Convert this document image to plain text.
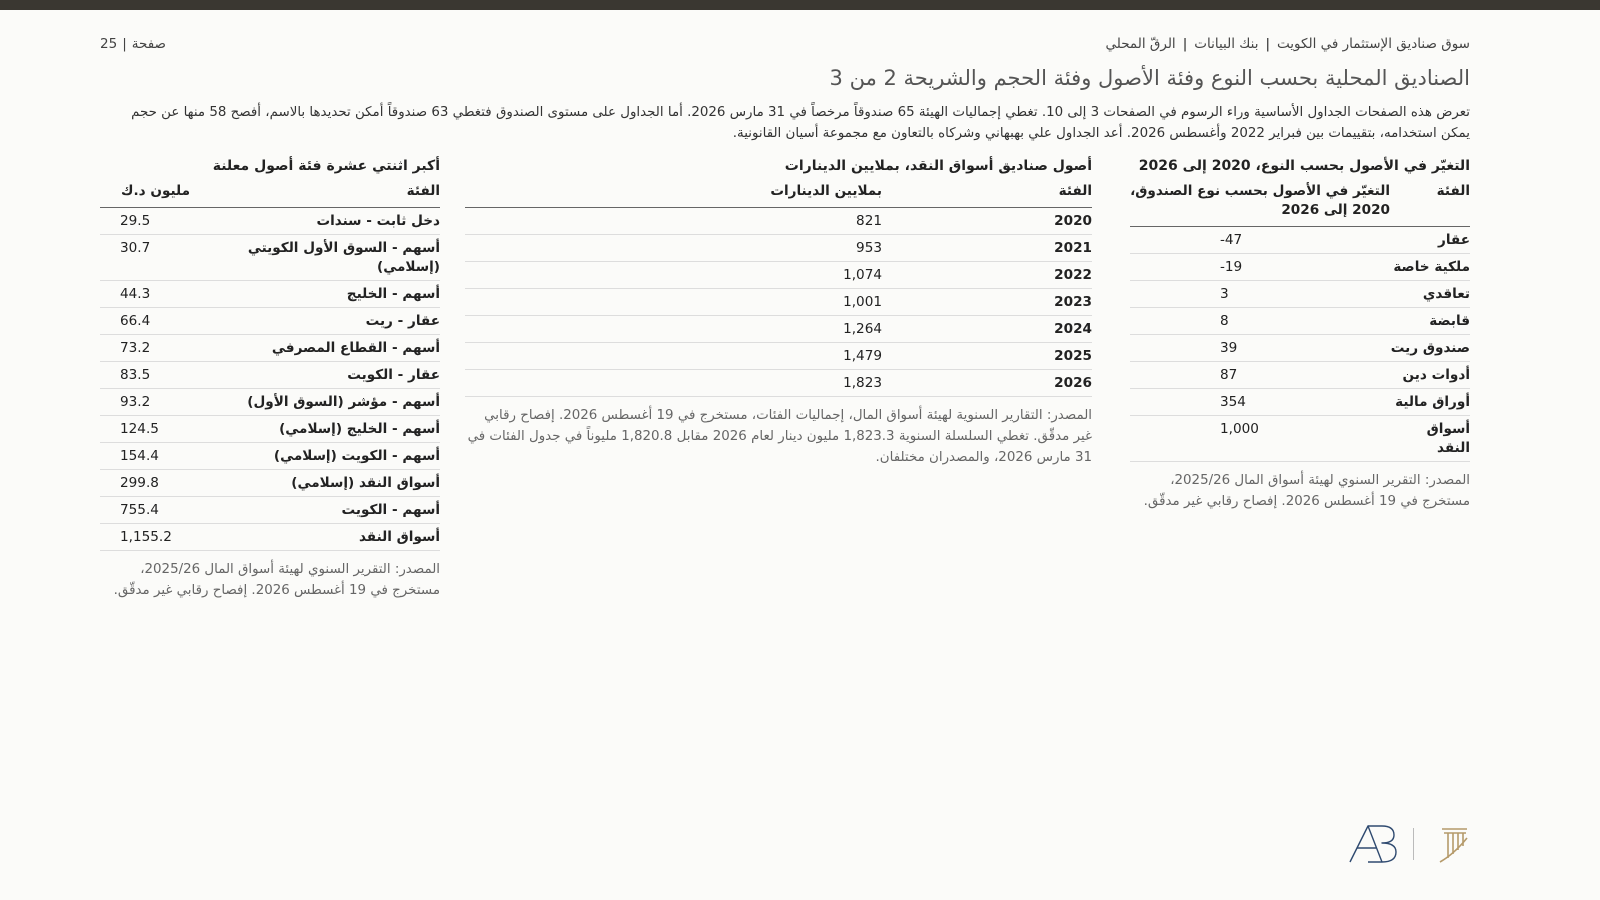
سوق صناديق الإستثمار في الكويت|بنك البيانات|الرقّ المحلي
صفحة|25
الصناديق المحلية بحسب النوع وفئة الأصول وفئة الحجم والشريحة 2 من 3
تعرض هذه الصفحات الجداول الأساسية وراء الرسوم في الصفحات 3 إلى 10. تغطي إجماليات الهيئة 65 صندوقاً مرخصاً في 31 مارس 2026. أما الجداول على مستوى الصندوق فتغطي 63 صندوقاً أمكن تحديدها بالاسم، أفصح 58 منها عن حجم يمكن استخدامه، بتقييمات بين فبراير 2022 وأغسطس 2026. أعد الجداول علي بهبهاني وشركاه بالتعاون مع مجموعة أسيان القانونية.
التغيّر في الأصول بحسب النوع، 2020 إلى 2026
الفئة	التغيّر في الأصول بحسب نوع الصندوق، 2020 إلى 2026
عقار	-47
ملكية خاصة	-19
تعاقدي	3
قابضة	8
صندوق ريت	39
أدوات دين	87
أوراق مالية	354
أسواق النقد	1,000
المصدر: التقرير السنوي لهيئة أسواق المال 2025/26، مستخرج في 19 أغسطس 2026. إفصاح رقابي غير مدقّق.
أصول صناديق أسواق النقد، بملايين الدينارات
الفئة	بملايين الدينارات
2020	821
2021	953
2022	1,074
2023	1,001
2024	1,264
2025	1,479
2026	1,823
المصدر: التقارير السنوية لهيئة أسواق المال، إجماليات الفئات، مستخرج في 19 أغسطس 2026. إفصاح رقابي غير مدقّق. تغطي السلسلة السنوية 1,823.3 مليون دينار لعام 2026 مقابل 1,820.8 مليوناً في جدول الفئات في 31 مارس 2026، والمصدران مختلفان.
أكبر اثنتي عشرة فئة أصول معلنة
الفئة	مليون د.ك
دخل ثابت - سندات	29.5
أسهم - السوق الأول الكويتي (إسلامي)	30.7
أسهم - الخليج	44.3
عقار - ريت	66.4
أسهم - القطاع المصرفي	73.2
عقار - الكويت	83.5
أسهم - مؤشر (السوق الأول)	93.2
أسهم - الخليج (إسلامي)	124.5
أسهم - الكويت (إسلامي)	154.4
أسواق النقد (إسلامي)	299.8
أسهم - الكويت	755.4
أسواق النقد	1,155.2
المصدر: التقرير السنوي لهيئة أسواق المال 2025/26، مستخرج في 19 أغسطس 2026. إفصاح رقابي غير مدقّق.
